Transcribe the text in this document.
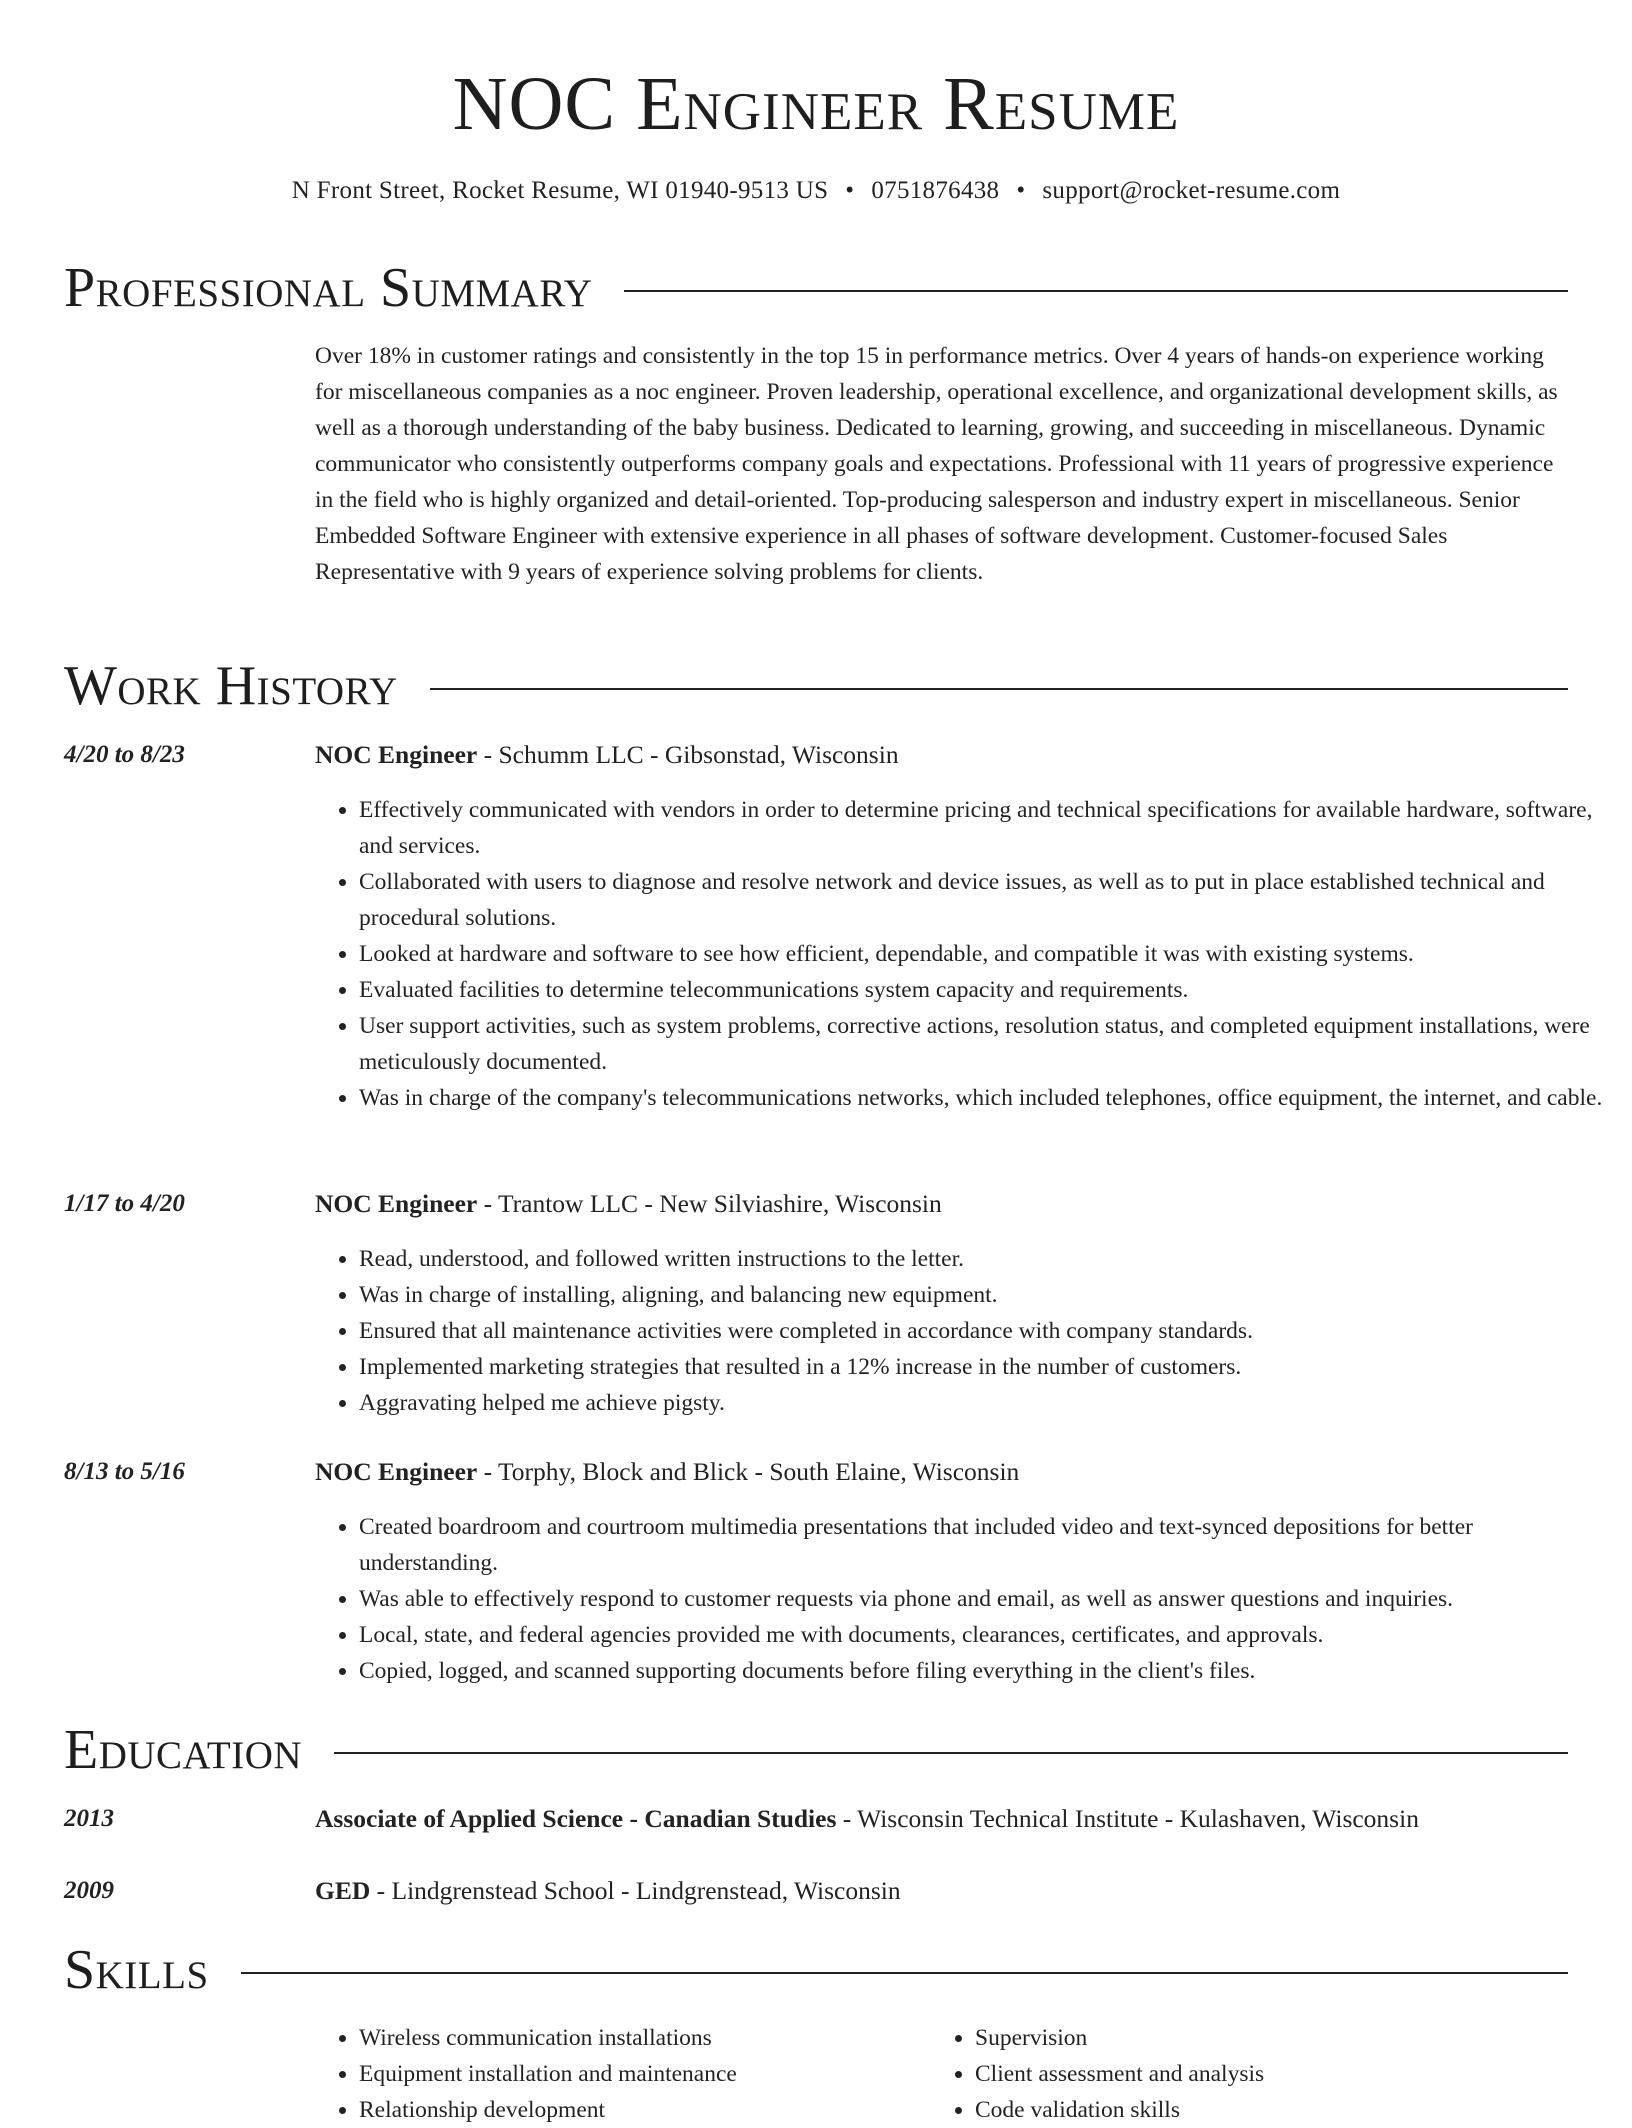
NOC Engineer Resume
N Front Street, Rocket Resume, WI 01940-9513 US • 0751876438 • support@rocket-resume.com
Professional Summary
Over 18% in customer ratings and consistently in the top 15 in performance metrics. Over 4 years of hands-on experience working for miscellaneous companies as a noc engineer. Proven leadership, operational excellence, and organizational development skills, as well as a thorough understanding of the baby business. Dedicated to learning, growing, and succeeding in miscellaneous. Dynamic communicator who consistently outperforms company goals and expectations. Professional with 11 years of progressive experience in the field who is highly organized and detail-oriented. Top-producing salesperson and industry expert in miscellaneous. Senior Embedded Software Engineer with extensive experience in all phases of software development. Customer-focused Sales Representative with 9 years of experience solving problems for clients.
Work History
4/20 to 8/23	NOC Engineer - Schumm LLC - Gibsonstad, Wisconsin
• Effectively communicated with vendors in order to determine pricing and technical specifications for available hardware, software, and services.
• Collaborated with users to diagnose and resolve network and device issues, as well as to put in place established technical and procedural solutions.
• Looked at hardware and software to see how efficient, dependable, and compatible it was with existing systems.
• Evaluated facilities to determine telecommunications system capacity and requirements.
• User support activities, such as system problems, corrective actions, resolution status, and completed equipment installations, were meticulously documented.
• Was in charge of the company's telecommunications networks, which included telephones, office equipment, the internet, and cable.
1/17 to 4/20	NOC Engineer - Trantow LLC - New Silviashire, Wisconsin
• Read, understood, and followed written instructions to the letter.
• Was in charge of installing, aligning, and balancing new equipment.
• Ensured that all maintenance activities were completed in accordance with company standards.
• Implemented marketing strategies that resulted in a 12% increase in the number of customers.
• Aggravating helped me achieve pigsty.
8/13 to 5/16	NOC Engineer - Torphy, Block and Blick - South Elaine, Wisconsin
• Created boardroom and courtroom multimedia presentations that included video and text-synced depositions for better understanding.
• Was able to effectively respond to customer requests via phone and email, as well as answer questions and inquiries.
• Local, state, and federal agencies provided me with documents, clearances, certificates, and approvals.
• Copied, logged, and scanned supporting documents before filing everything in the client's files.
Education
2013	Associate of Applied Science - Canadian Studies - Wisconsin Technical Institute - Kulashaven, Wisconsin
2009	GED - Lindgrenstead School - Lindgrenstead, Wisconsin
Skills
• Wireless communication installations
• Equipment installation and maintenance
• Relationship development
• Supervision
• Client assessment and analysis
• Code validation skills
